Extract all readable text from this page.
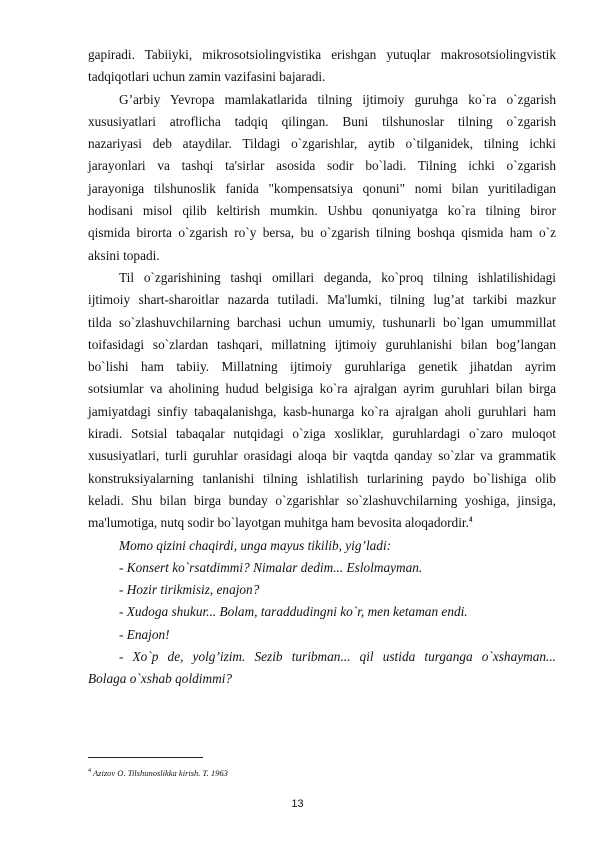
gapiradi. Tabiiyki, mikrosotsiolingvistika erishgan yutuqlar makrosotsiolingvistik
tadqiqotlari uchun zamin vazifasini bajaradi.
G’arbiy Yevropa mamlakatlarida tilning ijtimoiy guruhga ko`ra o`zgarish
xususiyatlari atroflicha tadqiq qilingan. Buni tilshunoslar tilning o`zgarish
nazariyasi deb ataydilar. Tildagi o`zgarishlar, aytib o`tilganidek, tilning ichki
jarayonlari va tashqi ta'sirlar asosida sodir bo`ladi. Tilning ichki o`zgarish
jarayoniga tilshunoslik fanida "kompensatsiya qonuni" nomi bilan yuritiladigan
hodisani misol qilib keltirish mumkin. Ushbu qonuniyatga ko`ra tilning biror
qismida birorta o`zgarish ro`y bersa, bu o`zgarish tilning boshqa qismida ham o`z
aksini topadi.
Til o`zgarishining tashqi omillari deganda, ko`proq tilning ishlatilishidagi
ijtimoiy shart-sharoitlar nazarda tutiladi. Ma'lumki, tilning lug’at tarkibi mazkur
tilda so`zlashuvchilarning barchasi uchun umumiy, tushunarli bo`lgan umummillat
toifasidagi so`zlardan tashqari, millatning ijtimoiy guruhlanishi bilan bog’langan
bo`lishi ham tabiiy. Millatning ijtimoiy guruhlariga genetik jihatdan ayrim
sotsiumlar va aholining hudud belgisiga ko`ra ajralgan ayrim guruhlari bilan birga
jamiyatdagi sinfiy tabaqalanishga, kasb-hunarga ko`ra ajralgan aholi guruhlari ham
kiradi. Sotsial tabaqalar nutqidagi o`ziga xosliklar, guruhlardagi o`zaro muloqot
xususiyatlari, turli guruhlar orasidagi aloqa bir vaqtda qanday so`zlar va grammatik
konstruksiyalarning tanlanishi tilning ishlatilish turlarining paydo bo`lishiga olib
keladi. Shu bilan birga bunday o`zgarishlar so`zlashuvchilarning yoshiga, jinsiga,
ma'lumotiga, nutq sodir bo`layotgan muhitga ham bevosita aloqadordir.$^4$
Momo qizini chaqirdi, unga mayus tikilib, yig’ladi:
- Konsert ko`rsatdimmi? Nimalar dedim... Eslolmayman.
- Hozir tirikmisiz, enajon?
- Xudoga shukur... Bolam, taraddudingni ko`r, men ketaman endi.
- Enajon!
- Xo`p de, yolg’izim. Sezib turibman... qil ustida turganga o`xshayman...
Bolaga o`xshab qoldimmi?
$^4$ Azizov O. Tilshunoslikka kirish. T. 1963
13
